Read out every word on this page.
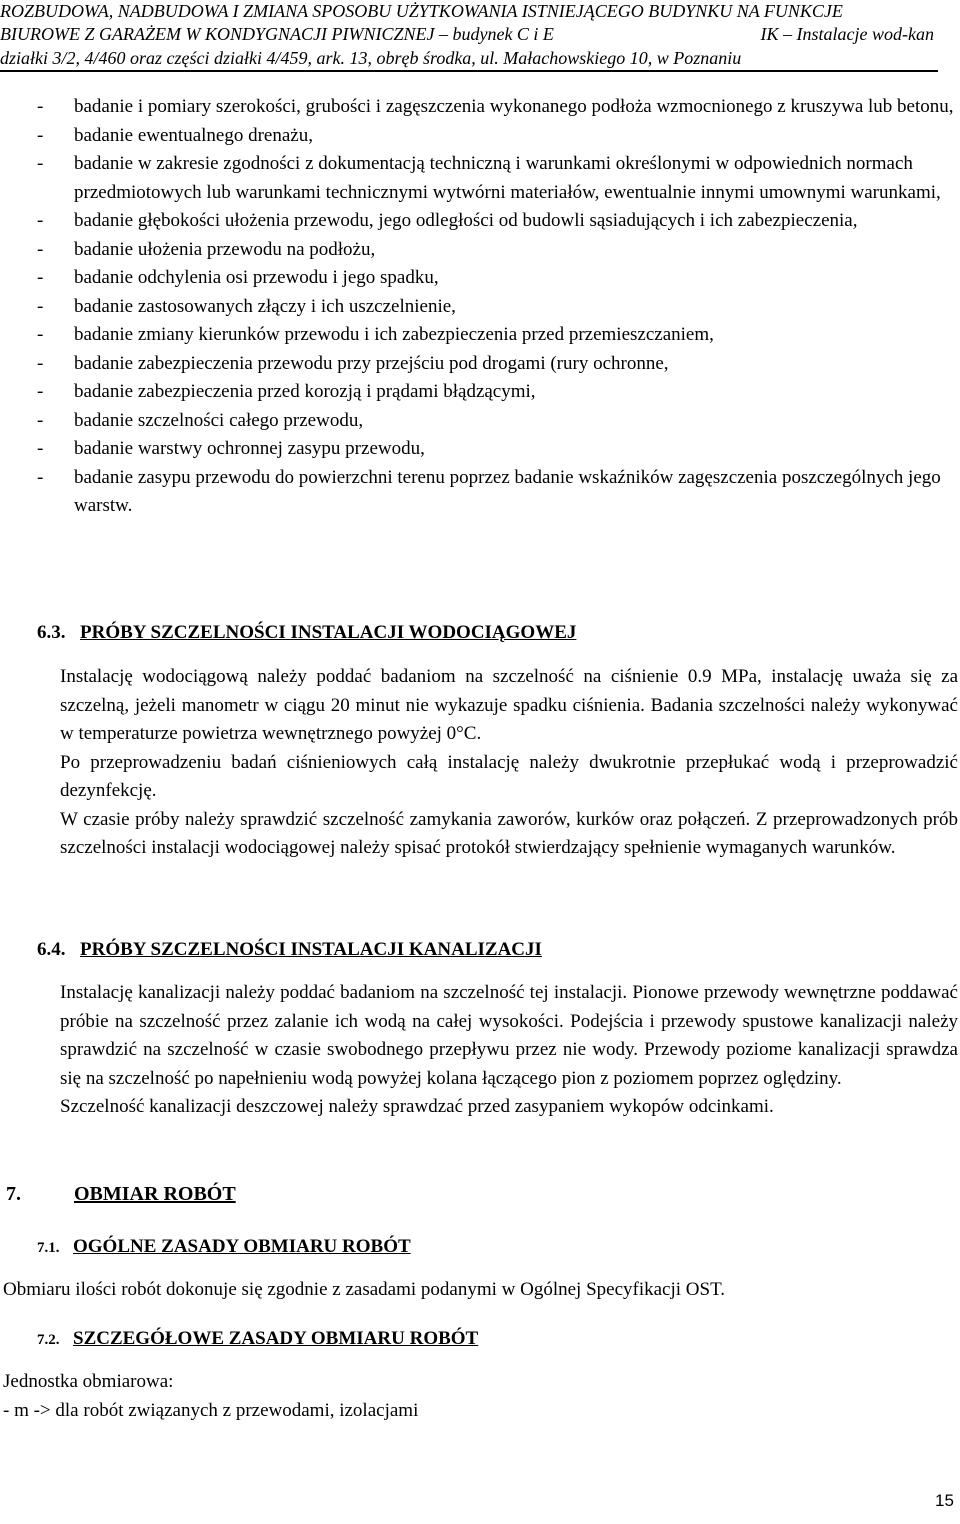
ROZBUDOWA, NADBUDOWA I ZMIANA SPOSOBU UŻYTKOWANIA ISTNIEJĄCEGO BUDYNKU NA FUNKCJE
BIUROWE Z GARAŻEM W KONDYGNACJI PIWNICZNEJ – budynek C i E	IK – Instalacje wod-kan
działki 3/2, 4/460 oraz części działki 4/459, ark. 13, obręb środka, ul. Małachowskiego 10, w Poznaniu
-	badanie i pomiary szerokości, grubości i zagęszczenia wykonanego podłoża wzmocnionego z kruszywa lub betonu,
-	badanie ewentualnego drenażu,
-	badanie w zakresie zgodności z dokumentacją techniczną i warunkami określonymi w odpowiednich normach przedmiotowych lub warunkami technicznymi wytwórni materiałów, ewentualnie innymi umownymi warunkami,
-	badanie głębokości ułożenia przewodu, jego odległości od budowli sąsiadujących i ich zabezpieczenia,
-	badanie ułożenia przewodu na podłożu,
-	badanie odchylenia osi przewodu i jego spadku,
-	badanie zastosowanych złączy i ich uszczelnienie,
-	badanie zmiany kierunków przewodu i ich zabezpieczenia przed przemieszczaniem,
-	badanie zabezpieczenia przewodu przy przejściu pod drogami (rury ochronne,
-	badanie zabezpieczenia przed korozją i prądami błądzącymi,
-	badanie szczelności całego przewodu,
-	badanie warstwy ochronnej zasypu przewodu,
-	badanie zasypu przewodu do powierzchni terenu poprzez badanie wskaźników zagęszczenia poszczególnych jego warstw.
6.3. PRÓBY SZCZELNOŚCI INSTALACJI WODOCIĄGOWEJ

Instalację wodociągową należy poddać badaniom na szczelność na ciśnienie 0.9 MPa, instalację uważa się za szczelną, jeżeli manometr w ciągu 20 minut nie wykazuje spadku ciśnienia. Badania szczelności należy wykonywać w temperaturze powietrza wewnętrznego powyżej 0°C.

Po przeprowadzeniu badań ciśnieniowych całą instalację należy dwukrotnie przepłukać wodą i przeprowadzić dezynfekcję.

W czasie próby należy sprawdzić szczelność zamykania zaworów, kurków oraz połączeń. Z przeprowadzonych prób szczelności instalacji wodociągowej należy spisać protokół stwierdzający spełnienie wymaganych warunków.

6.4. PRÓBY SZCZELNOŚCI INSTALACJI KANALIZACJI

Instalację kanalizacji należy poddać badaniom na szczelność tej instalacji. Pionowe przewody wewnętrzne poddawać próbie na szczelność przez zalanie ich wodą na całej wysokości. Podejścia i przewody spustowe kanalizacji należy sprawdzić na szczelność w czasie swobodnego przepływu przez nie wody. Przewody poziome kanalizacji sprawdza się na szczelność po napełnieniu wodą powyżej kolana łączącego pion z poziomem poprzez oględziny.

Szczelność kanalizacji deszczowej należy sprawdzać przed zasypaniem wykopów odcinkami.

7.	OBMIAR ROBÓT
7.1. OGÓLNE ZASADY OBMIARU ROBÓT
Obmiaru ilości robót dokonuje się zgodnie z zasadami podanymi w Ogólnej Specyfikacji OST.
7.2. SZCZEGÓŁOWE ZASADY OBMIARU ROBÓT
Jednostka obmiarowa:
- m -> dla robót związanych z przewodami, izolacjami
15
